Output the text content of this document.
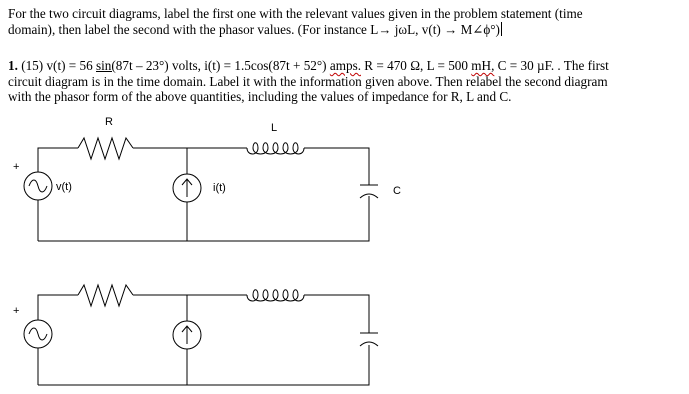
For the two circuit diagrams, label the first one with the relevant values given in the problem statement (time
domain), then label the second with the phasor values. (For instance L→ jωL, v(t) → M∠ϕ°)

1. (15) v(t) = 56 sin(87t – 23°) volts, i(t) = 1.5cos(87t + 52°) amps. R = 470 Ω, L = 500 mH, C = 30 µF. . The first
circuit diagram is in the time domain. Label it with the information given above. Then relabel the second diagram
with the phasor form of the above quantities, including the values of impedance for R, L and C.

R	L
+
v(t)	i(t)	C
+
